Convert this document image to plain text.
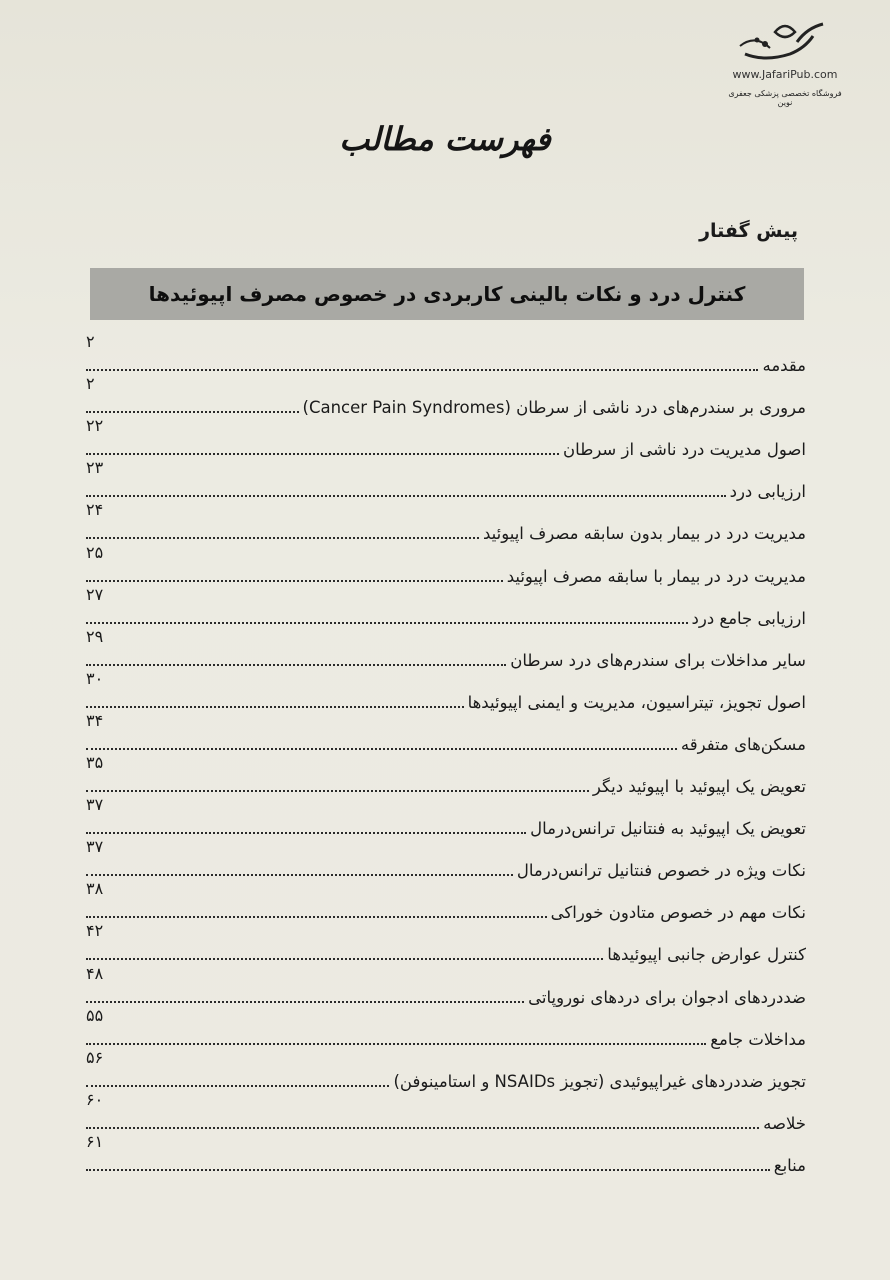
www.JafariPub.com
فروشگاه تخصصی پزشکی جعفری نوین
فهرست مطالب
پیش گفتار
کنترل درد و نکات بالینی کاربردی در خصوص مصرف اپیوئیدها
مقدمه
۲
مروری بر سندرم‌های درد ناشی از سرطان (Cancer Pain Syndromes)
۲
اصول مدیریت درد ناشی از سرطان
۲۲
ارزیابی درد
۲۳
مدیریت درد در بیمار بدون سابقه مصرف اپیوئید
۲۴
مدیریت درد در بیمار با سابقه مصرف اپیوئید
۲۵
ارزیابی جامع درد
۲۷
سایر مداخلات برای سندرم‌های درد سرطان
۲۹
اصول تجویز، تیتراسیون، مدیریت و ایمنی اپیوئیدها
۳۰
مسکن‌های متفرقه
۳۴
تعویض یک اپیوئید با اپیوئید دیگر
۳۵
تعویض یک اپیوئید به فنتانیل ترانس‌درمال
۳۷
نکات ویژه در خصوص فنتانیل ترانس‌درمال
۳۷
نکات مهم در خصوص متادون خوراکی
۳۸
کنترل عوارض جانبی اپیوئیدها
۴۲
ضددردهای ادجوان برای دردهای نوروپاتی
۴۸
مداخلات جامع
۵۵
تجویز ضددردهای غیراپیوئیدی (تجویز NSAIDs و استامینوفن)
۵۶
خلاصه
۶۰
منابع
۶۱
